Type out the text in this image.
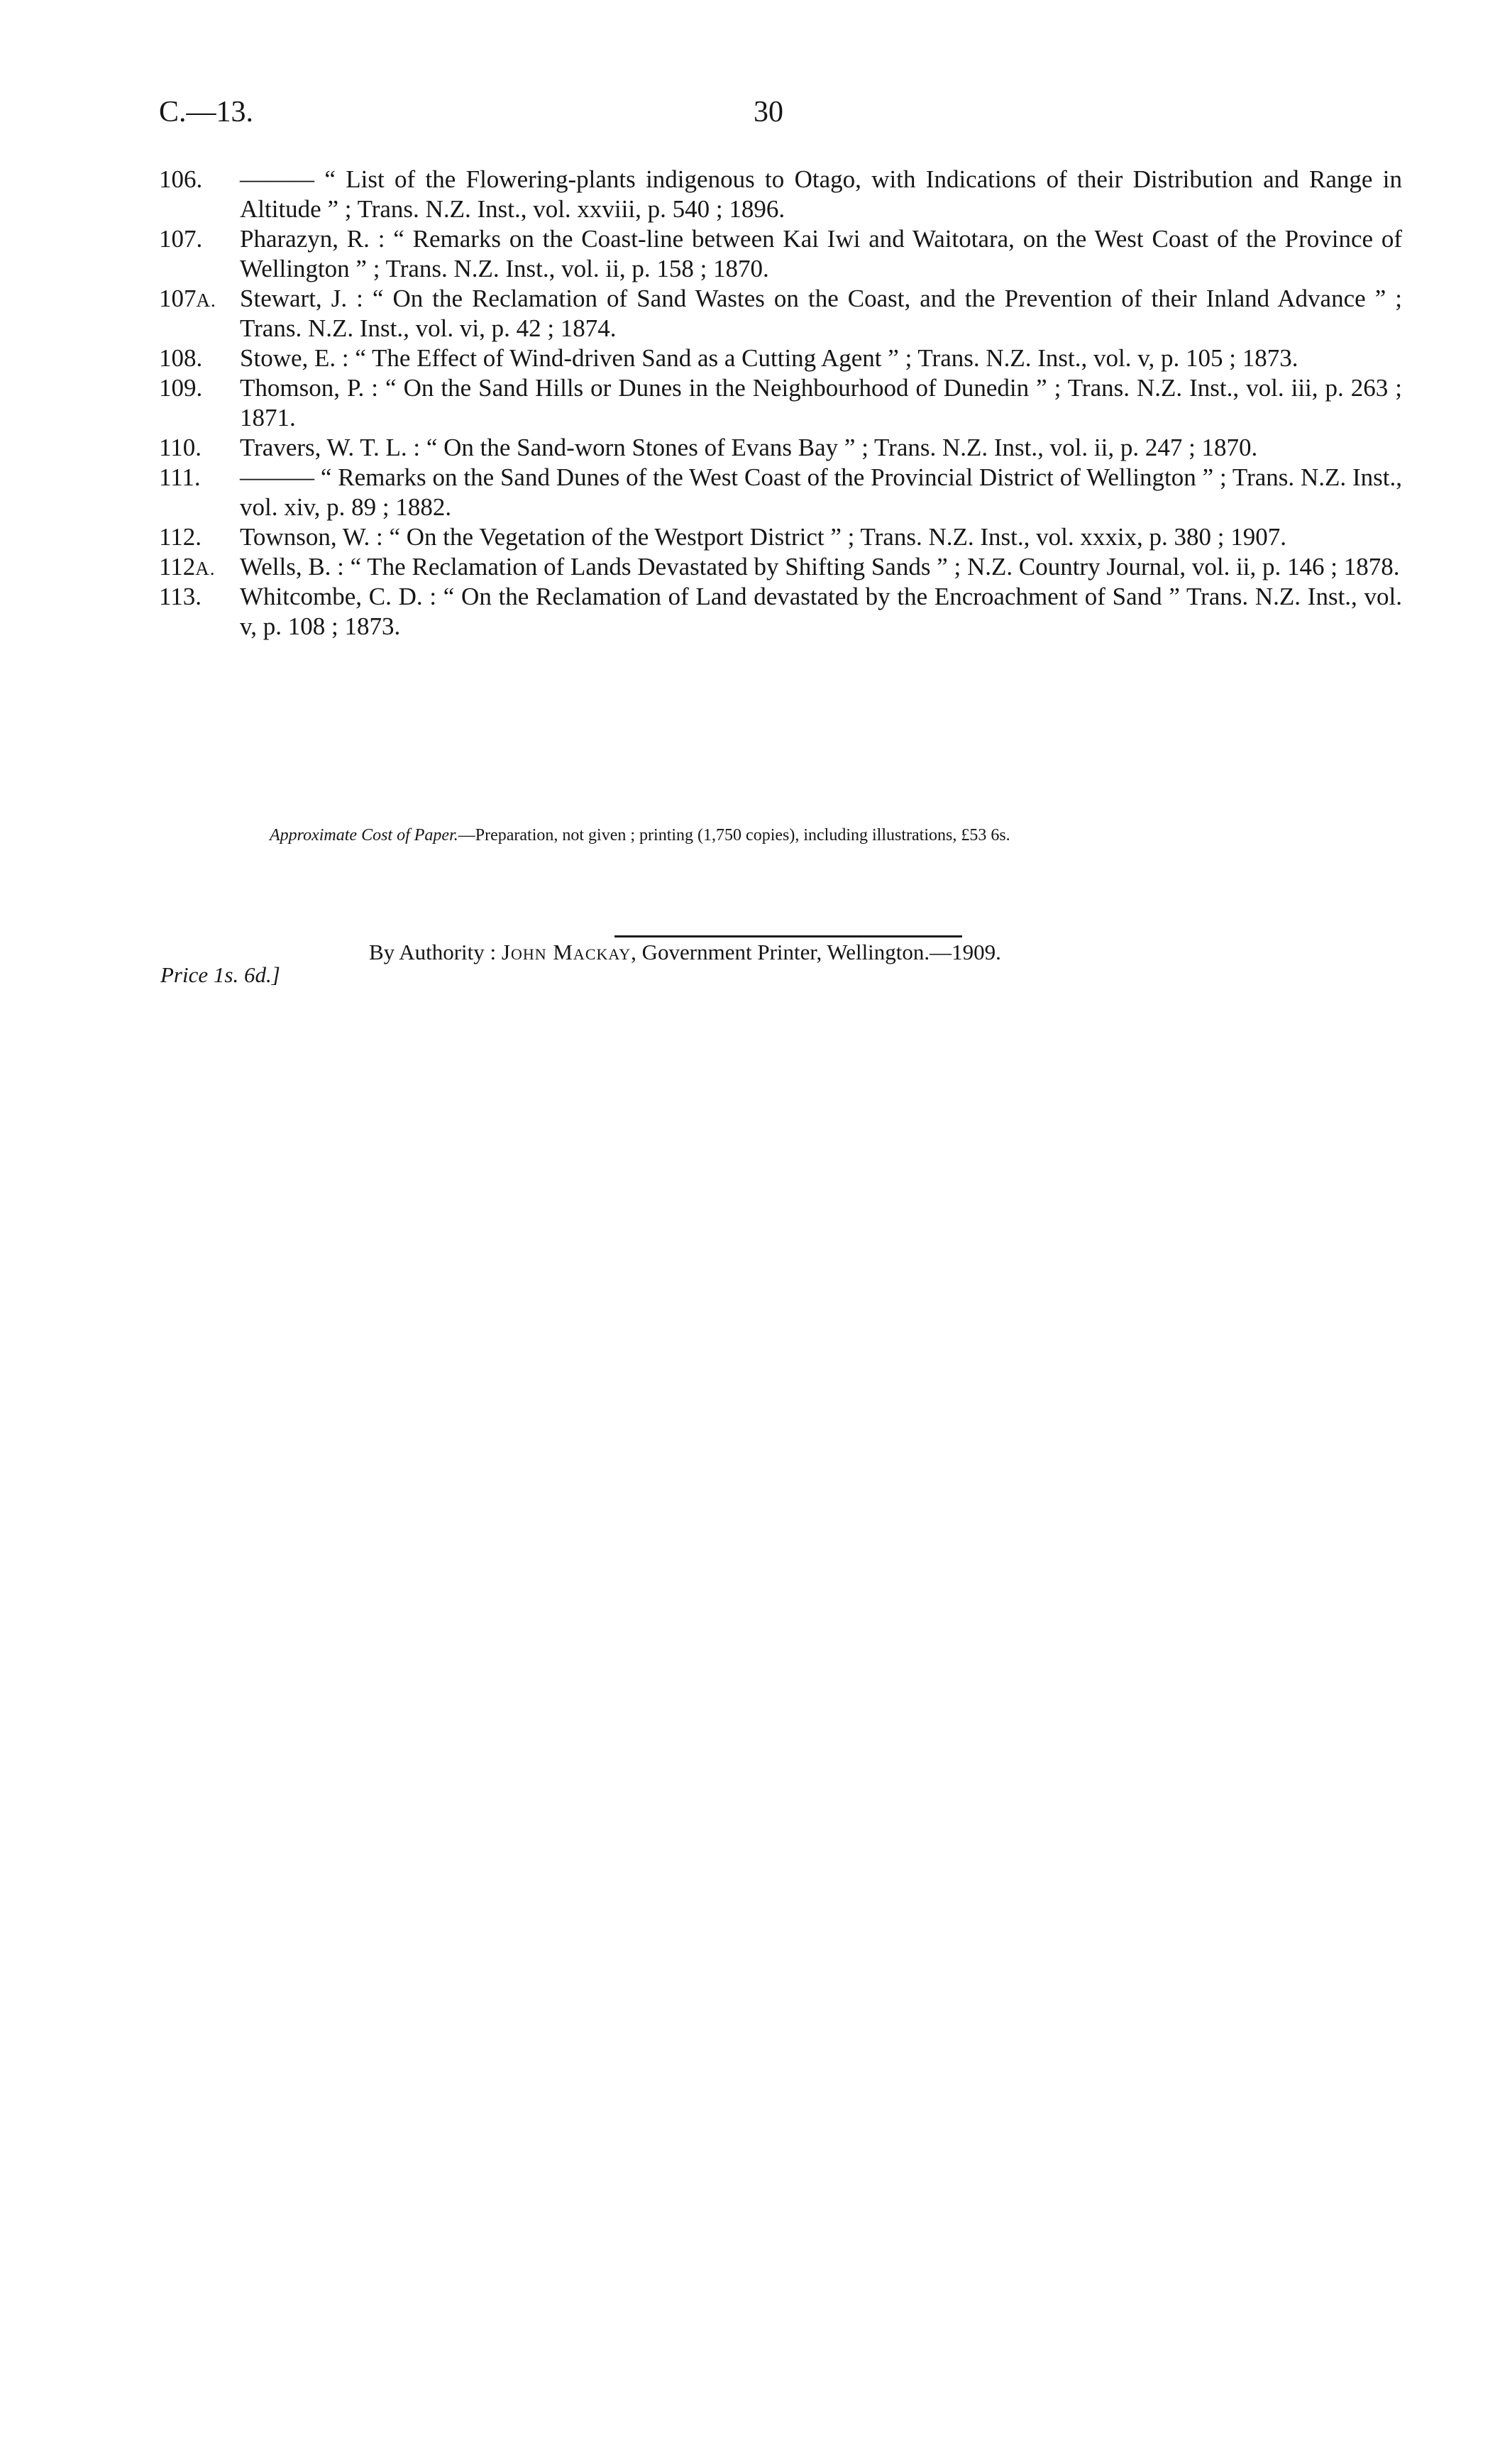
C.—13.	30
106.	——— “ List of the Flowering-plants indigenous to Otago, with Indications of their Distribution and Range in Altitude ” ; Trans. N.Z. Inst., vol. xxviii, p. 540 ; 1896.
107.	Pharazyn, R. : “ Remarks on the Coast-line between Kai Iwi and Waitotara, on the West Coast of the Province of Wellington ” ; Trans. N.Z. Inst., vol. ii, p. 158 ; 1870.
107A. Stewart, J. : “ On the Reclamation of Sand Wastes on the Coast, and the Prevention of their Inland Advance ” ; Trans. N.Z. Inst., vol. vi, p. 42 ; 1874.
108.	Stowe, E. : “ The Effect of Wind-driven Sand as a Cutting Agent ” ; Trans. N.Z. Inst., vol. v, p. 105 ; 1873.
109.	Thomson, P. : “ On the Sand Hills or Dunes in the Neighbourhood of Dunedin ” ; Trans. N.Z. Inst., vol. iii, p. 263 ; 1871.
110.	Travers, W. T. L. : “ On the Sand-worn Stones of Evans Bay ” ; Trans. N.Z. Inst., vol. ii, p. 247 ; 1870.
111.	——— “ Remarks on the Sand Dunes of the West Coast of the Provincial District of Wellington ” ; Trans. N.Z. Inst., vol. xiv, p. 89 ; 1882.
112.	Townson, W. : “ On the Vegetation of the Westport District ” ; Trans. N.Z. Inst., vol. xxxix, p. 380 ; 1907.
112A. Wells, B. : “ The Reclamation of Lands Devastated by Shifting Sands ” ; N.Z. Country Journal, vol. ii, p. 146 ; 1878.
113.	Whitcombe, C. D. : “ On the Reclamation of Land devastated by the Encroachment of Sand ” Trans. N.Z. Inst., vol. v, p. 108 ; 1873.
Approximate Cost of Paper.—Preparation, not given ; printing (1,750 copies), including illustrations, £53 6s.
By Authority : John Mackay, Government Printer, Wellington.—1909.
Price 1s. 6d.]
